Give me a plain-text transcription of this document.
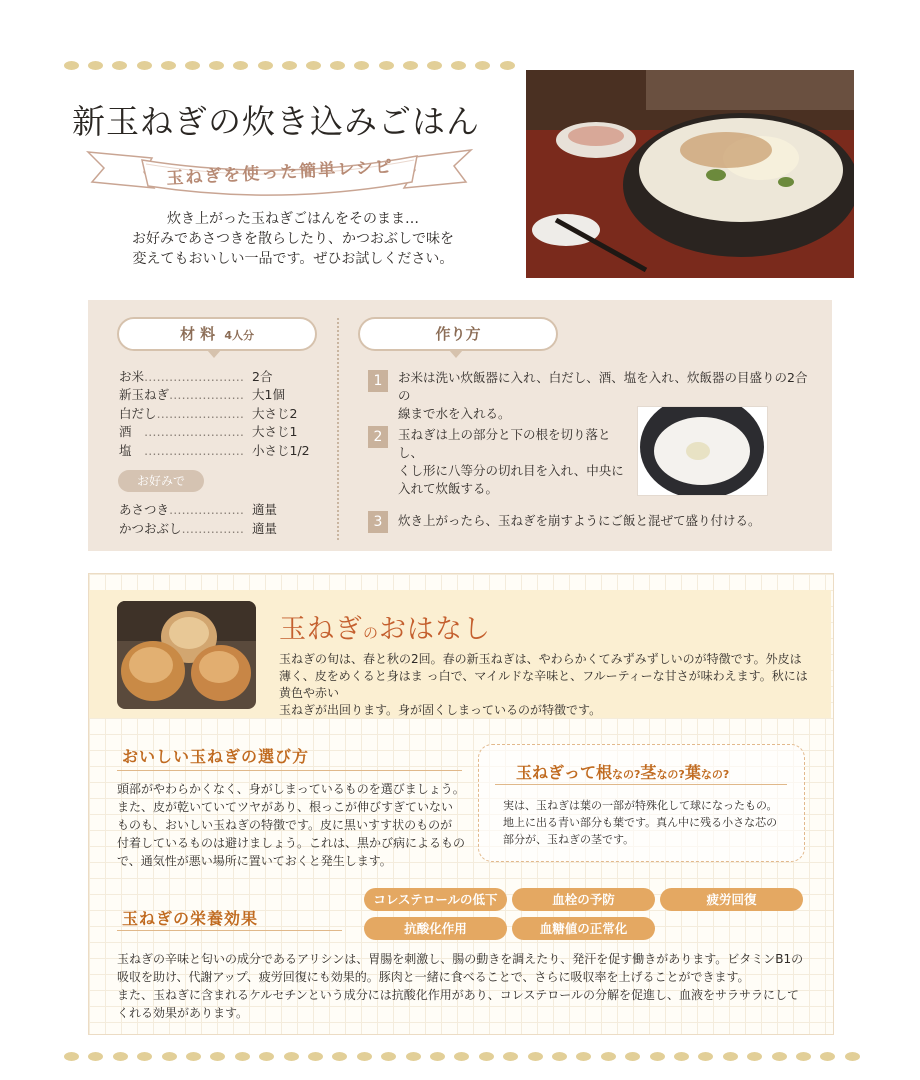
新玉ねぎの炊き込みごはん
玉ねぎを使った簡単レシピ
炊き上がった玉ねぎごはんをそのまま…
お好みであさつきを散らしたり、かつおぶしで味を
変えてもおいしい一品です。ぜひお試しください。
材 料 4人分
お米…………………… 2合
新玉ねぎ……………… 大1個
白だし………………… 大さじ2
酒　…………………… 大さじ1
塩　…………………… 小さじ1/2
お好みで
あさつき……………… 適量
かつおぶし…………… 適量
作り方
1	お米は洗い炊飯器に入れ、白だし、酒、塩を入れ、炊飯器の目盛りの2合の
線まで水を入れる。
2	玉ねぎは上の部分と下の根を切り落とし、
くし形に八等分の切れ目を入れ、中央に
入れて炊飯する。
3	炊き上がったら、玉ねぎを崩すようにご飯と混ぜて盛り付ける。
玉ねぎのおはなし
玉ねぎの旬は、春と秋の2回。春の新玉ねぎは、やわらかくてみずみずしいのが特徴です。外皮は
薄く、皮をめくると身はま っ白で、マイルドな辛味と、フルーティーな甘さが味わえます。秋には黄色や赤い
玉ねぎが出回ります。身が固くしまっているのが特徴です。
おいしい玉ねぎの選び方
頭部がやわらかくなく、身がしまっているものを選びましょう。
また、皮が乾いていてツヤがあり、根っこが伸びすぎていない
ものも、おいしい玉ねぎの特徴です。皮に黒いすす状のものが
付着しているものは避けましょう。これは、黒かび病によるもの
で、通気性が悪い場所に置いておくと発生します。
玉ねぎって根なの?茎なの?葉なの?
実は、玉ねぎは葉の一部が特殊化して球になったもの。
地上に出る青い部分も葉です。真ん中に残る小さな芯の
部分が、玉ねぎの茎です。
玉ねぎの栄養効果
コレステロールの低下	血栓の予防	疲労回復
抗酸化作用	血糖値の正常化
玉ねぎの辛味と匂いの成分であるアリシンは、胃腸を刺激し、腸の動きを調えたり、発汗を促す働きがあります。ビタミンB1の
吸収を助け、代謝アップ、疲労回復にも効果的。豚肉と一緒に食べることで、さらに吸収率を上げることができます。
また、玉ねぎに含まれるケルセチンという成分には抗酸化作用があり、コレステロールの分解を促進し、血液をサラサラにして
くれる効果があります。
